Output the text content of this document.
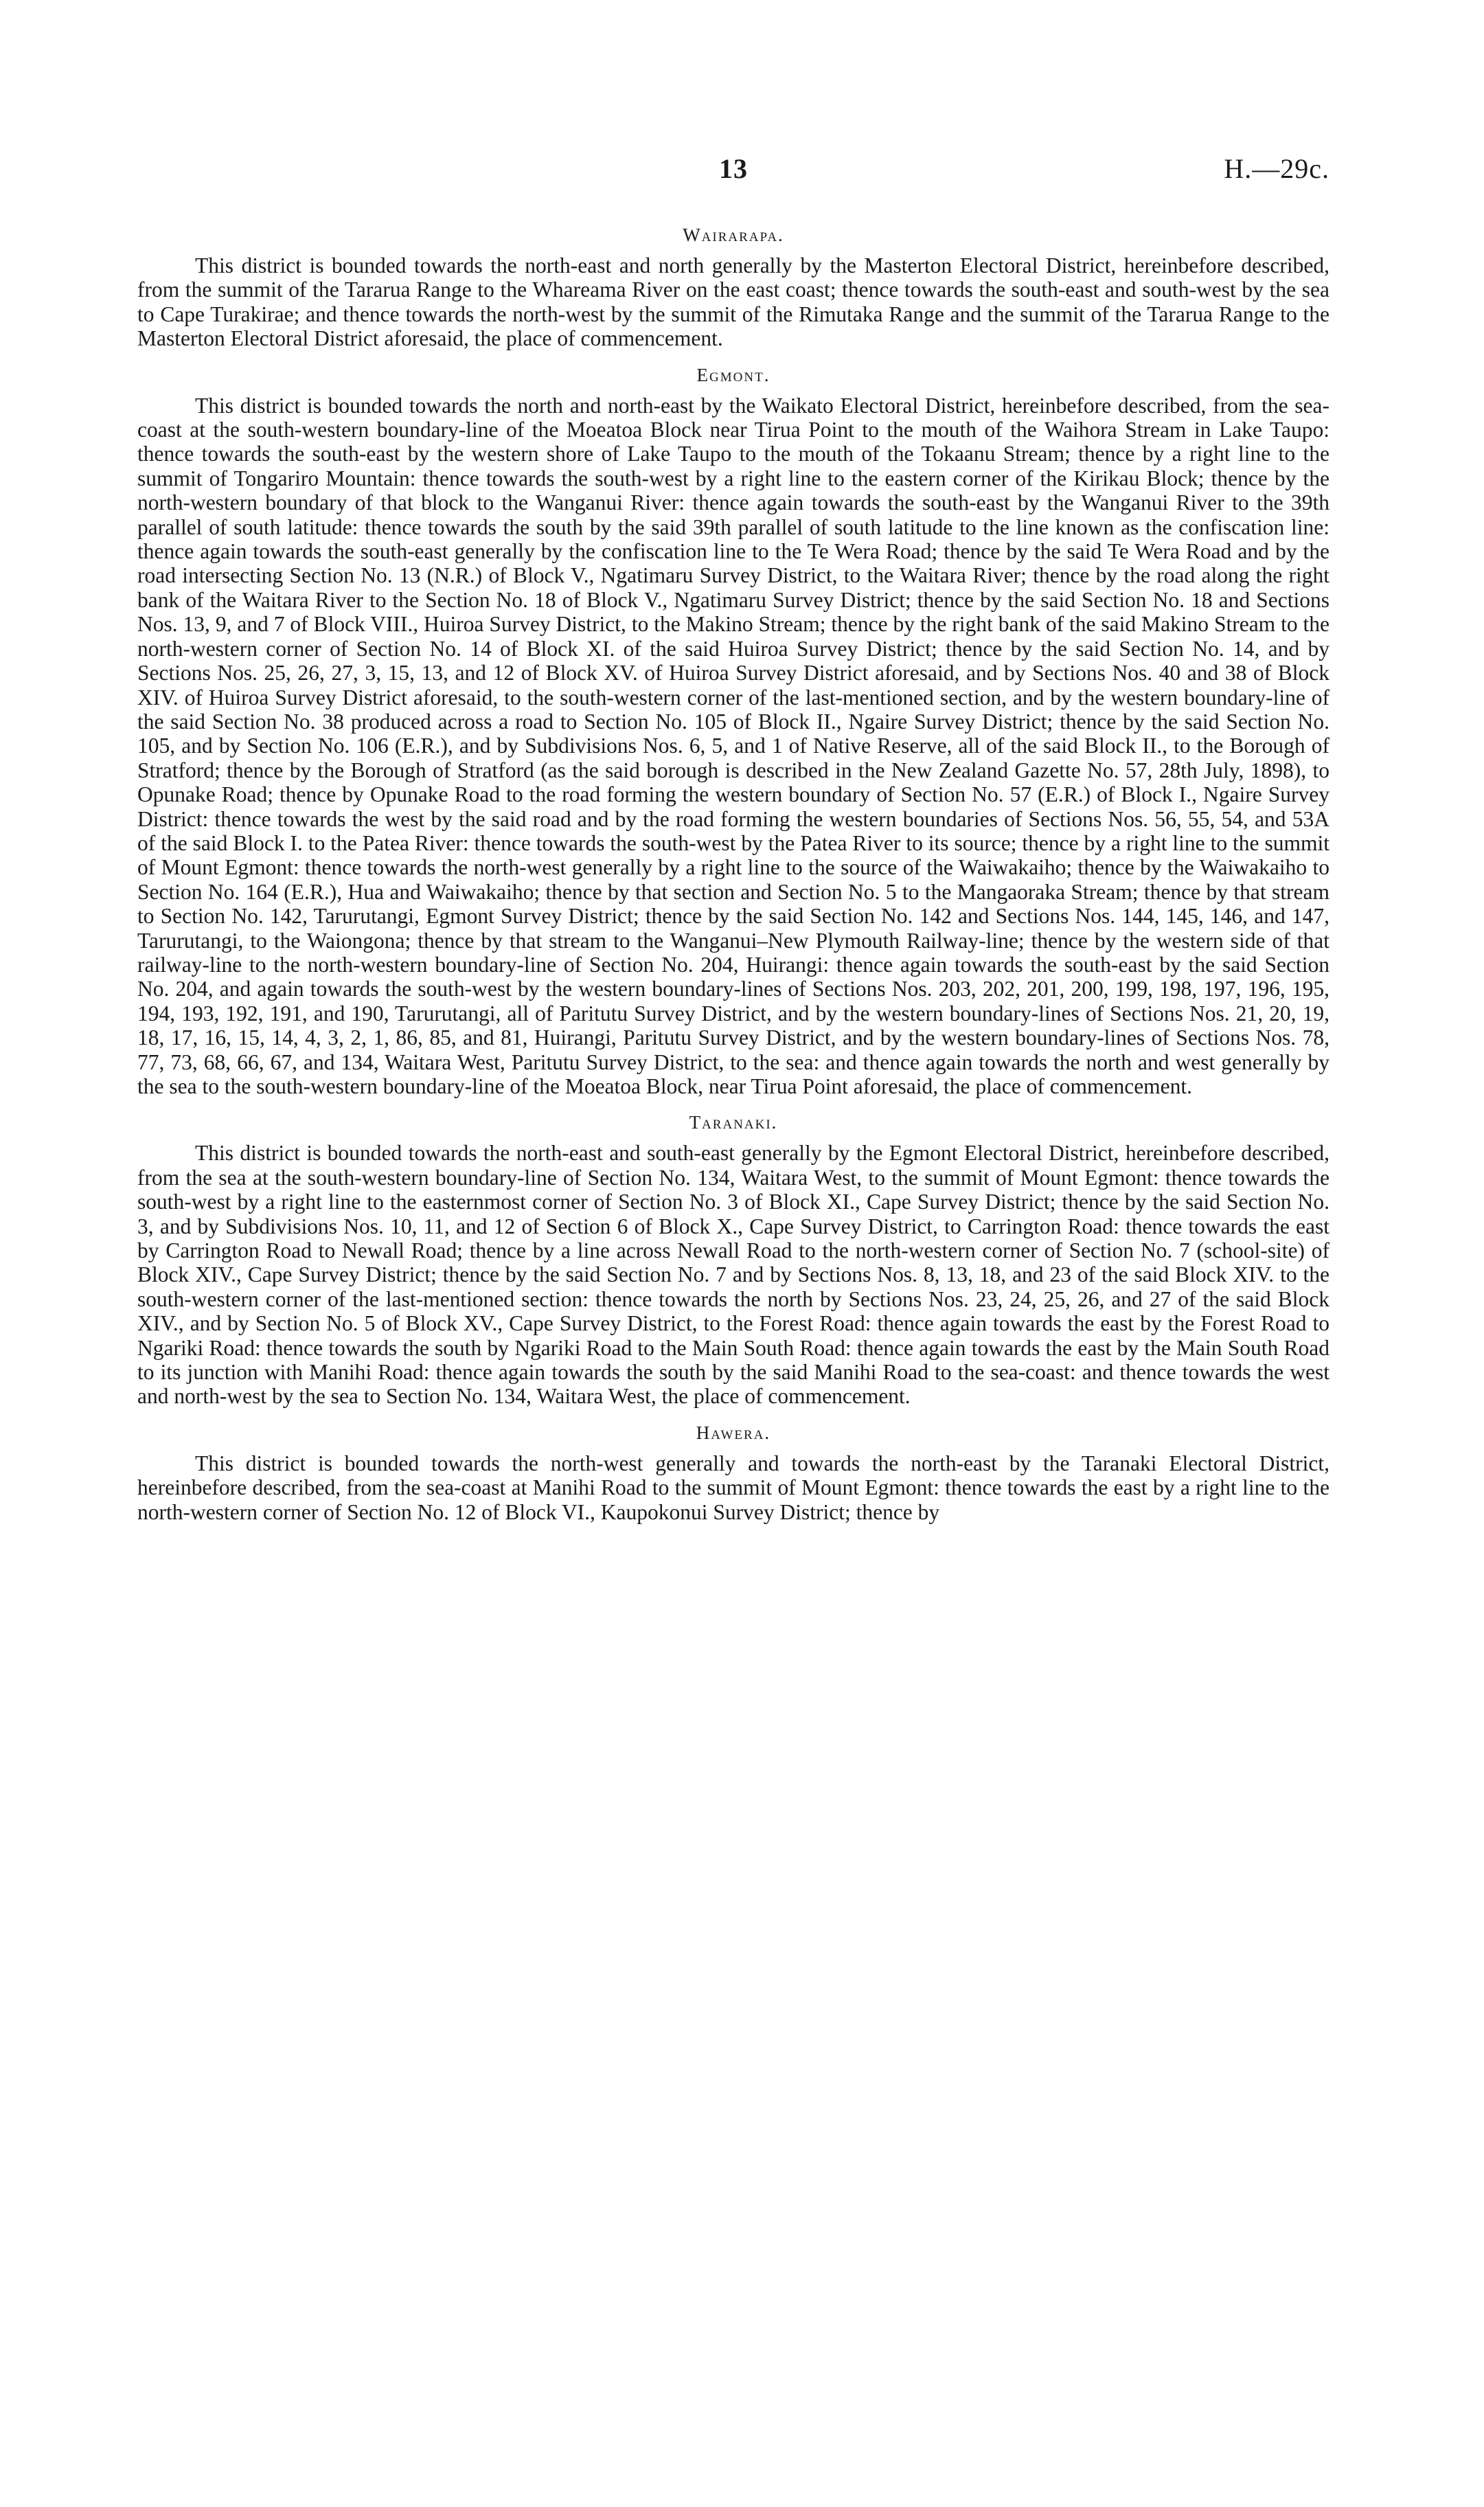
13	H.—29c.
Wairarapa.

This district is bounded towards the north-east and north generally by the Masterton Electoral District, hereinbefore described, from the summit of the Tararua Range to the Whareama River on the east coast; thence towards the south-east and south-west by the sea to Cape Turakirae; and thence towards the north-west by the summit of the Rimutaka Range and the summit of the Tararua Range to the Masterton Electoral District aforesaid, the place of commencement.

Egmont.

This district is bounded towards the north and north-east by the Waikato Electoral District, hereinbefore described, from the sea-coast at the south-western boundary-line of the Moeatoa Block near Tirua Point to the mouth of the Waihora Stream in Lake Taupo: thence towards the south-east by the western shore of Lake Taupo to the mouth of the Tokaanu Stream; thence by a right line to the summit of Tongariro Mountain: thence towards the south-west by a right line to the eastern corner of the Kirikau Block; thence by the north-western boundary of that block to the Wanganui River: thence again towards the south-east by the Wanganui River to the 39th parallel of south latitude: thence towards the south by the said 39th parallel of south latitude to the line known as the confiscation line: thence again towards the south-east generally by the confiscation line to the Te Wera Road; thence by the said Te Wera Road and by the road intersecting Section No. 13 (N.R.) of Block V., Ngatimaru Survey District, to the Waitara River; thence by the road along the right bank of the Waitara River to the Section No. 18 of Block V., Ngatimaru Survey District; thence by the said Section No. 18 and Sections Nos. 13, 9, and 7 of Block VIII., Huiroa Survey District, to the Makino Stream; thence by the right bank of the said Makino Stream to the north-western corner of Section No. 14 of Block XI. of the said Huiroa Survey District; thence by the said Section No. 14, and by Sections Nos. 25, 26, 27, 3, 15, 13, and 12 of Block XV. of Huiroa Survey District aforesaid, and by Sections Nos. 40 and 38 of Block XIV. of Huiroa Survey District aforesaid, to the south-western corner of the last-mentioned section, and by the western boundary-line of the said Section No. 38 produced across a road to Section No. 105 of Block II., Ngaire Survey District; thence by the said Section No. 105, and by Section No. 106 (E.R.), and by Subdivisions Nos. 6, 5, and 1 of Native Reserve, all of the said Block II., to the Borough of Stratford; thence by the Borough of Stratford (as the said borough is described in the New Zealand Gazette No. 57, 28th July, 1898), to Opunake Road; thence by Opunake Road to the road forming the western boundary of Section No. 57 (E.R.) of Block I., Ngaire Survey District: thence towards the west by the said road and by the road forming the western boundaries of Sections Nos. 56, 55, 54, and 53A of the said Block I. to the Patea River: thence towards the south-west by the Patea River to its source; thence by a right line to the summit of Mount Egmont: thence towards the north-west generally by a right line to the source of the Waiwakaiho; thence by the Waiwakaiho to Section No. 164 (E.R.), Hua and Waiwakaiho; thence by that section and Section No. 5 to the Mangaoraka Stream; thence by that stream to Section No. 142, Tarurutangi, Egmont Survey District; thence by the said Section No. 142 and Sections Nos. 144, 145, 146, and 147, Tarurutangi, to the Waiongona; thence by that stream to the Wanganui–New Plymouth Railway-line; thence by the western side of that railway-line to the north-western boundary-line of Section No. 204, Huirangi: thence again towards the south-east by the said Section No. 204, and again towards the south-west by the western boundary-lines of Sections Nos. 203, 202, 201, 200, 199, 198, 197, 196, 195, 194, 193, 192, 191, and 190, Tarurutangi, all of Paritutu Survey District, and by the western boundary-lines of Sections Nos. 21, 20, 19, 18, 17, 16, 15, 14, 4, 3, 2, 1, 86, 85, and 81, Huirangi, Paritutu Survey District, and by the western boundary-lines of Sections Nos. 78, 77, 73, 68, 66, 67, and 134, Waitara West, Paritutu Survey District, to the sea: and thence again towards the north and west generally by the sea to the south-western boundary-line of the Moeatoa Block, near Tirua Point aforesaid, the place of commencement.

Taranaki.

This district is bounded towards the north-east and south-east generally by the Egmont Electoral District, hereinbefore described, from the sea at the south-western boundary-line of Section No. 134, Waitara West, to the summit of Mount Egmont: thence towards the south-west by a right line to the easternmost corner of Section No. 3 of Block XI., Cape Survey District; thence by the said Section No. 3, and by Subdivisions Nos. 10, 11, and 12 of Section 6 of Block X., Cape Survey District, to Carrington Road: thence towards the east by Carrington Road to Newall Road; thence by a line across Newall Road to the north-western corner of Section No. 7 (school-site) of Block XIV., Cape Survey District; thence by the said Section No. 7 and by Sections Nos. 8, 13, 18, and 23 of the said Block XIV. to the south-western corner of the last-mentioned section: thence towards the north by Sections Nos. 23, 24, 25, 26, and 27 of the said Block XIV., and by Section No. 5 of Block XV., Cape Survey District, to the Forest Road: thence again towards the east by the Forest Road to Ngariki Road: thence towards the south by Ngariki Road to the Main South Road: thence again towards the east by the Main South Road to its junction with Manihi Road: thence again towards the south by the said Manihi Road to the sea-coast: and thence towards the west and north-west by the sea to Section No. 134, Waitara West, the place of commencement.

Hawera.

This district is bounded towards the north-west generally and towards the north-east by the Taranaki Electoral District, hereinbefore described, from the sea-coast at Manihi Road to the summit of Mount Egmont: thence towards the east by a right line to the north-western corner of Section No. 12 of Block VI., Kaupokonui Survey District; thence by
